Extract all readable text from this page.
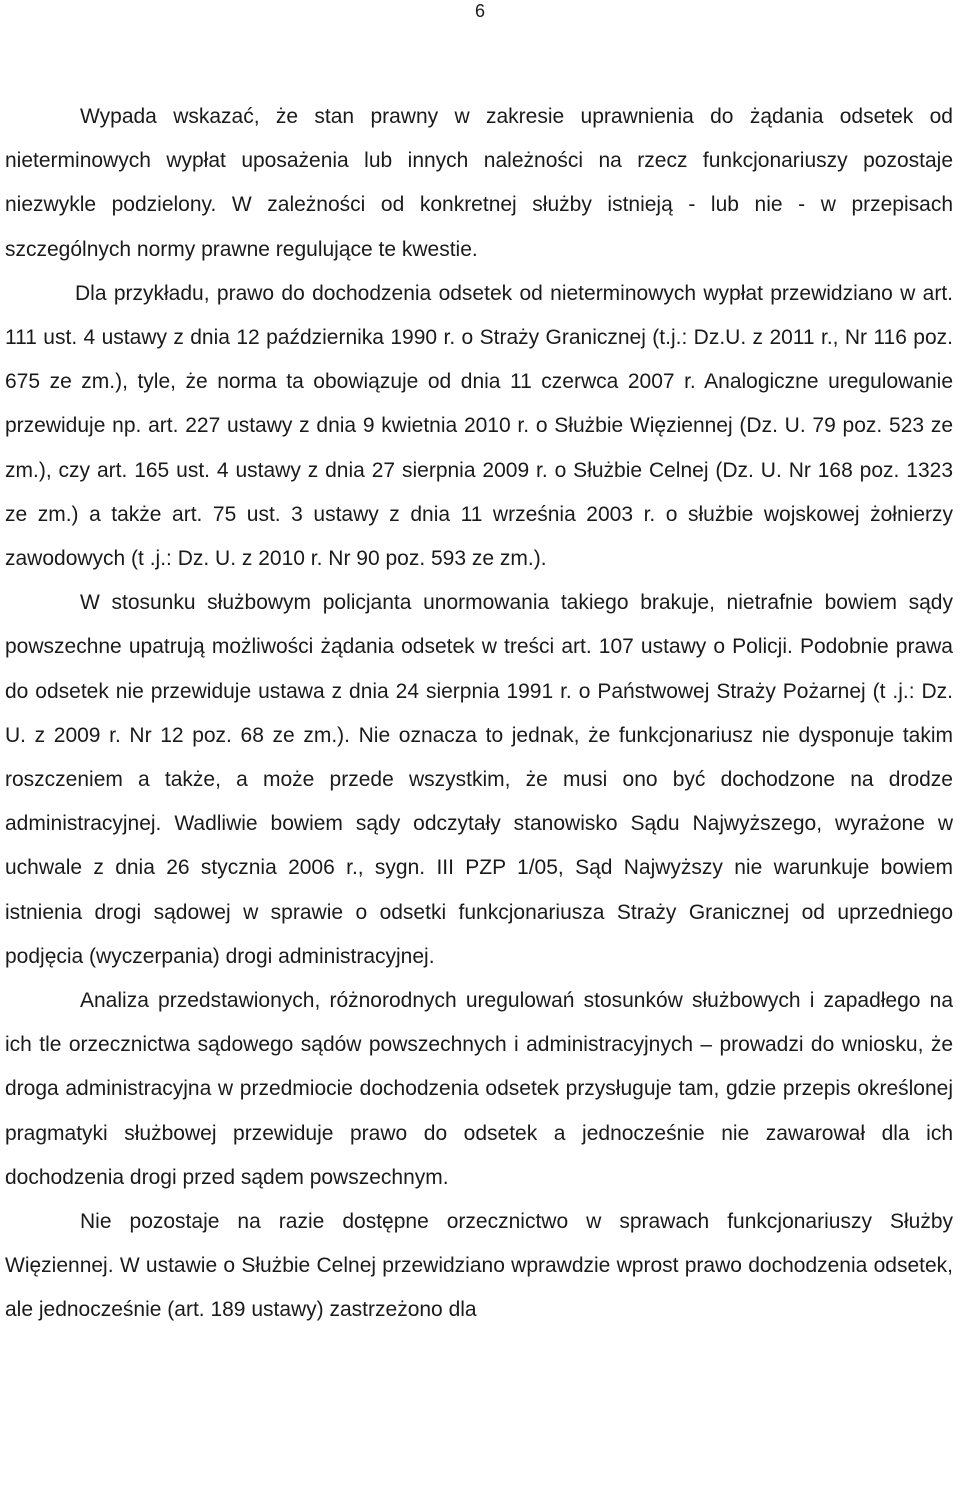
6

Wypada wskazać, że stan prawny w zakresie uprawnienia do żądania odsetek od nieterminowych wypłat uposażenia lub innych należności na rzecz funkcjonariuszy pozostaje niezwykle podzielony. W zależności od konkretnej służby istnieją - lub nie - w przepisach szczególnych normy prawne regulujące te kwestie.

Dla przykładu, prawo do dochodzenia odsetek od nieterminowych wypłat przewidziano w art. 111 ust. 4 ustawy z dnia 12 października 1990 r. o Straży Granicznej (t.j.: Dz.U. z 2011 r., Nr 116 poz. 675 ze zm.), tyle, że norma ta obowiązuje od dnia 11 czerwca 2007 r. Analogiczne uregulowanie przewiduje np. art. 227 ustawy z dnia 9 kwietnia 2010 r. o Służbie Więziennej (Dz. U. 79 poz. 523 ze zm.), czy art. 165 ust. 4 ustawy z dnia 27 sierpnia 2009 r. o Służbie Celnej (Dz. U. Nr 168 poz. 1323 ze zm.) a także art. 75 ust. 3 ustawy z dnia 11 września 2003 r. o służbie wojskowej żołnierzy zawodowych (t .j.: Dz. U. z 2010 r. Nr 90 poz. 593 ze zm.).

W stosunku służbowym policjanta unormowania takiego brakuje, nietrafnie bowiem sądy powszechne upatrują możliwości żądania odsetek w treści art. 107 ustawy o Policji. Podobnie prawa do odsetek nie przewiduje ustawa z dnia 24 sierpnia 1991 r. o Państwowej Straży Pożarnej (t .j.: Dz. U. z 2009 r. Nr 12 poz. 68 ze zm.). Nie oznacza to jednak, że funkcjonariusz nie dysponuje takim roszczeniem a także, a może przede wszystkim, że musi ono być dochodzone na drodze administracyjnej. Wadliwie bowiem sądy odczytały stanowisko Sądu Najwyższego, wyrażone w uchwale z dnia 26 stycznia 2006 r., sygn. III PZP 1/05, Sąd Najwyższy nie warunkuje bowiem istnienia drogi sądowej w sprawie o odsetki funkcjonariusza Straży Granicznej od uprzedniego podjęcia (wyczerpania) drogi administracyjnej.

Analiza przedstawionych, różnorodnych uregulowań stosunków służbowych i zapadłego na ich tle orzecznictwa sądowego sądów powszechnych i administracyjnych – prowadzi do wniosku, że droga administracyjna w przedmiocie dochodzenia odsetek przysługuje tam, gdzie przepis określonej pragmatyki służbowej przewiduje prawo do odsetek a jednocześnie nie zawarował dla ich dochodzenia drogi przed sądem powszechnym.

Nie pozostaje na razie dostępne orzecznictwo w sprawach funkcjonariuszy Służby Więziennej. W ustawie o Służbie Celnej przewidziano wprawdzie wprost prawo dochodzenia odsetek, ale jednocześnie (art. 189 ustawy) zastrzeżono dla
